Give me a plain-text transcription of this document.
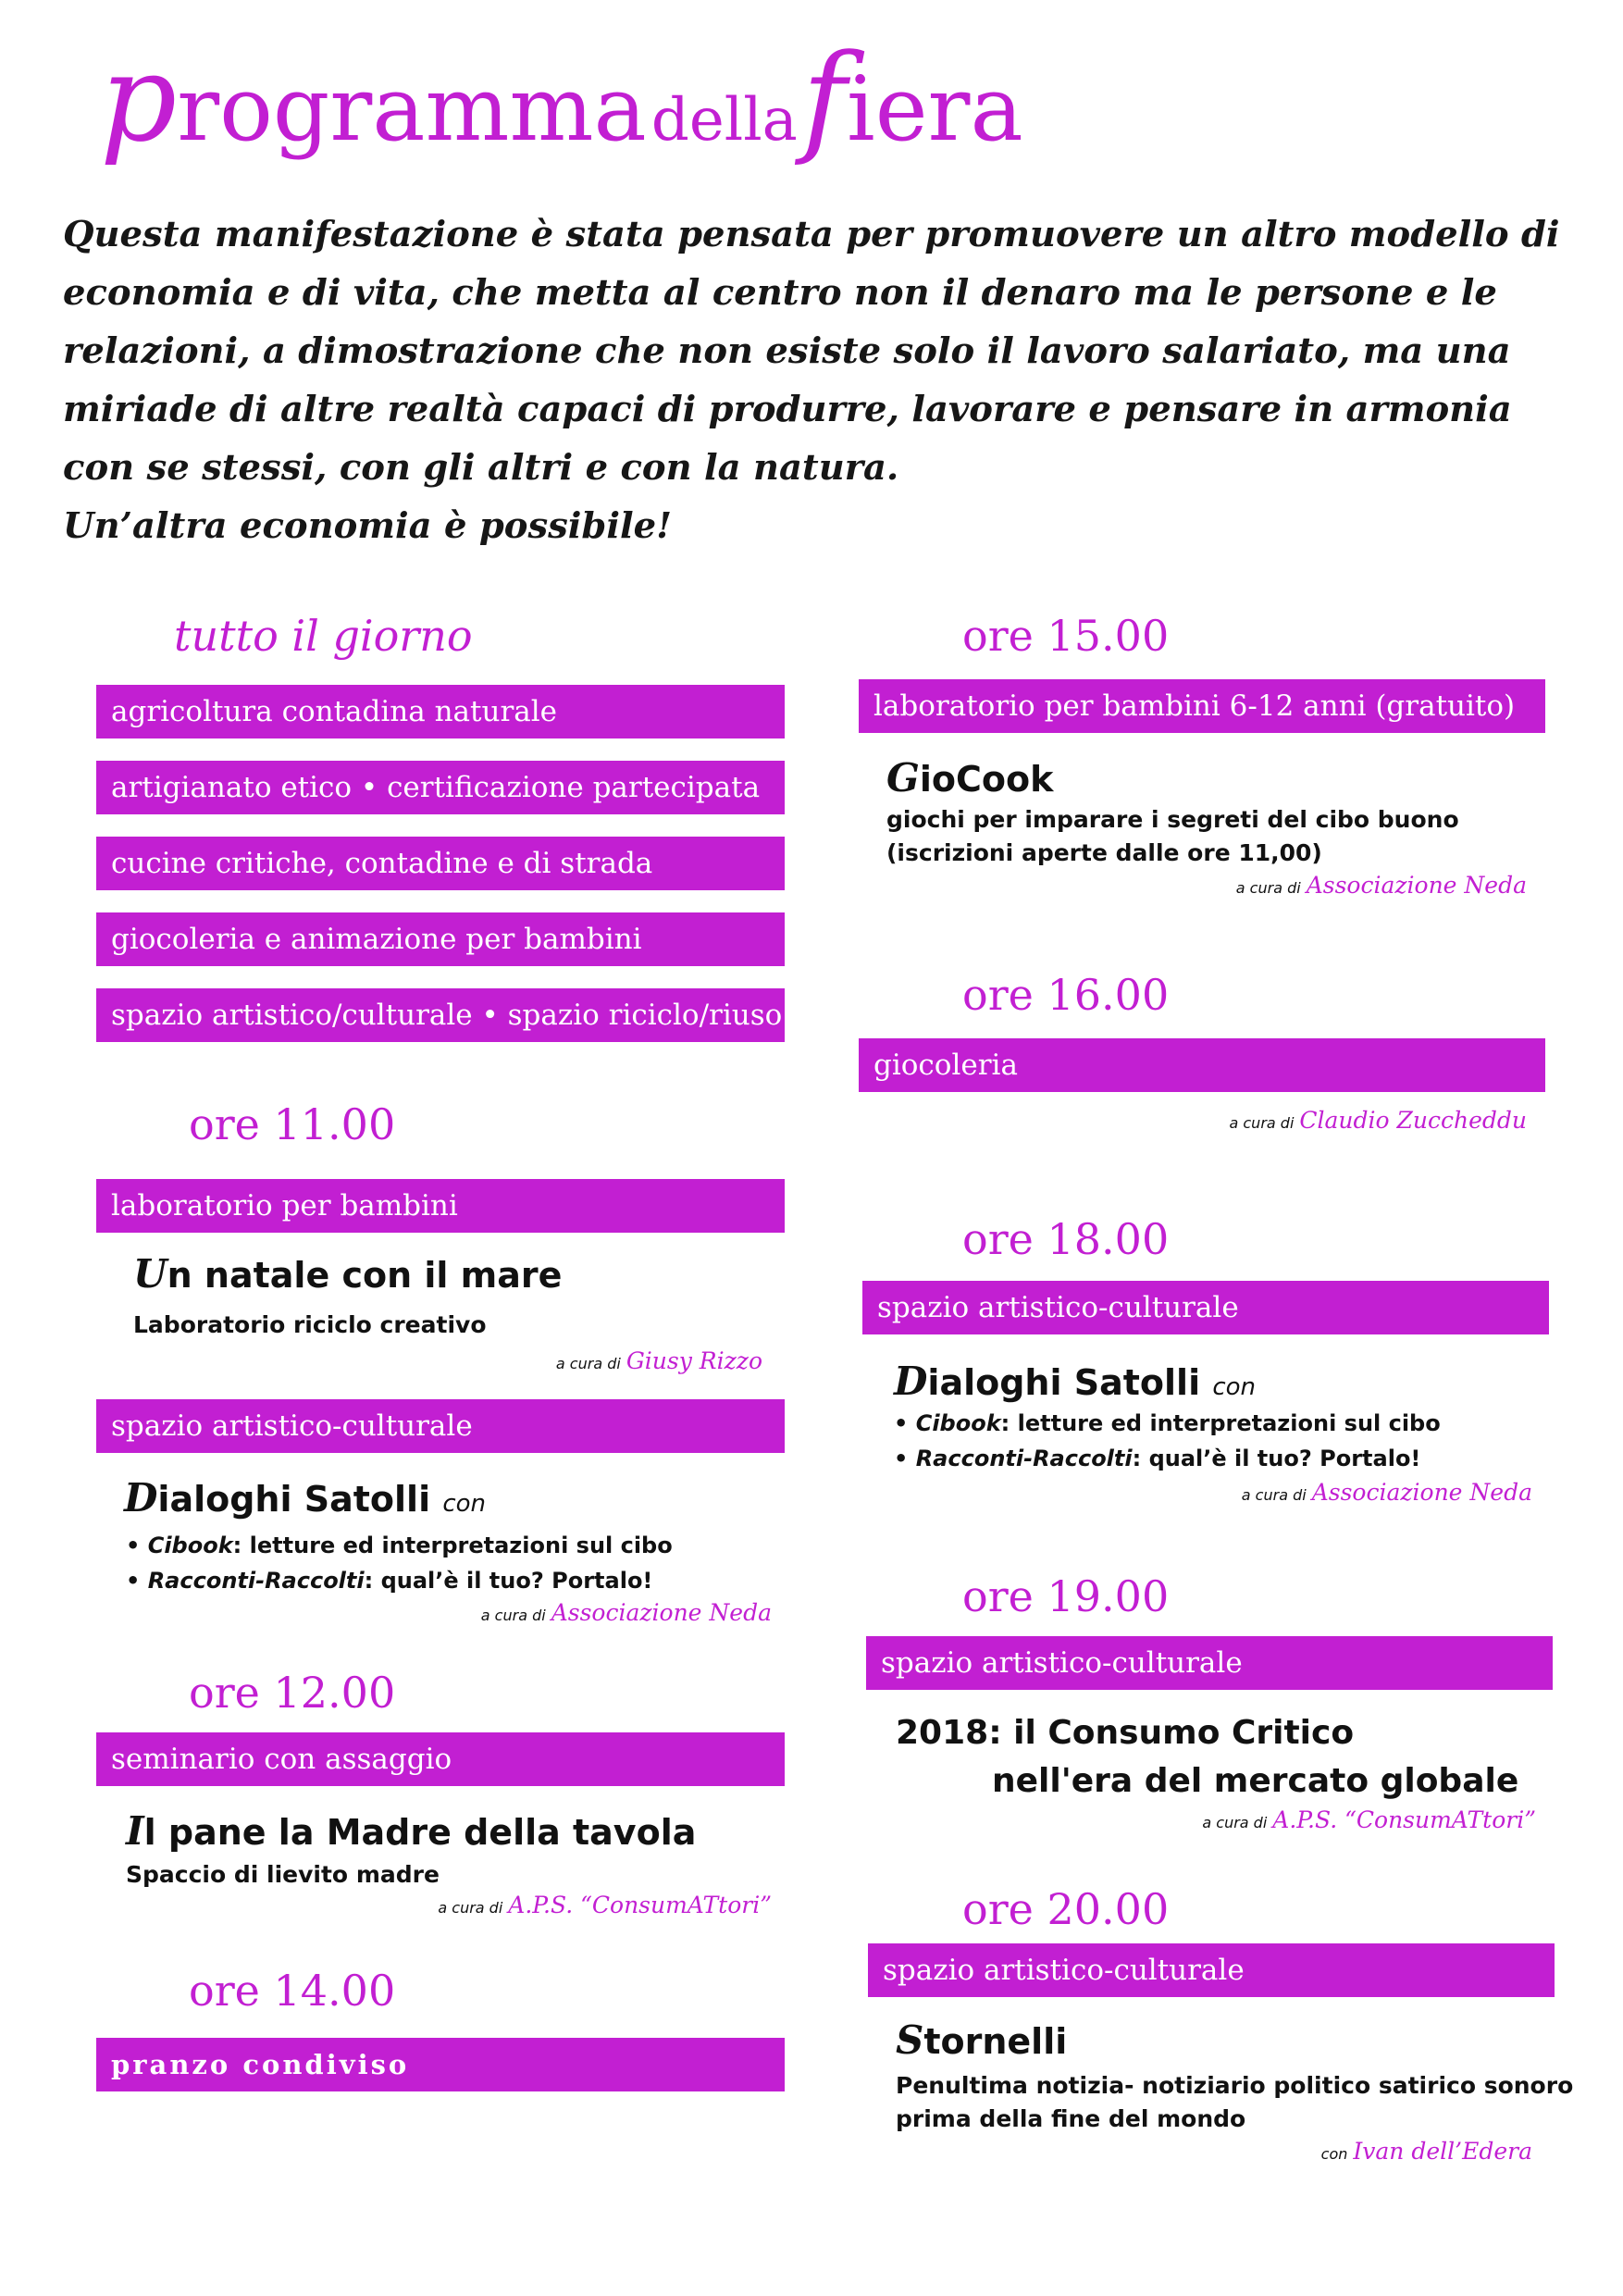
programma della fiera

Questa manifestazione è stata pensata per promuovere un altro modello di economia e di vita, che metta al centro non il denaro ma le persone e le relazioni, a dimostrazione che non esiste solo il lavoro salariato, ma una miriade di altre realtà capaci di produrre, lavorare e pensare in armonia con se stessi, con gli altri e con la natura.

Un’altra economia è possibile!

tutto il giorno
agricoltura contadina naturale
artigianato etico • certificazione partecipata
cucine critiche, contadine e di strada
giocoleria e animazione per bambini
spazio artistico/culturale • spazio riciclo/riuso
ore 11.00
laboratorio per bambini
Un natale con il mare
Laboratorio riciclo creativo
a cura di Giusy Rizzo
spazio artistico-culturale
Dialoghi Satolli con
• Cibook: letture ed interpretazioni sul cibo
• Racconti-Raccolti: qual’è il tuo? Portalo!
a cura di Associazione Neda
ore 12.00
seminario con assaggio
Il pane la Madre della tavola
Spaccio di lievito madre
a cura di A.P.S. “ConsumATtori”
ore 14.00
pranzo condiviso
ore 15.00
laboratorio per bambini 6-12 anni (gratuito)
GioCook
giochi per imparare i segreti del cibo buono
(iscrizioni aperte dalle ore 11,00)
a cura di Associazione Neda
ore 16.00
giocoleria
a cura di Claudio Zuccheddu
ore 18.00
spazio artistico-culturale
Dialoghi Satolli con
• Cibook: letture ed interpretazioni sul cibo
• Racconti-Raccolti: qual’è il tuo? Portalo!
a cura di Associazione Neda
ore 19.00
spazio artistico-culturale
2018: il Consumo Critico
nell'era del mercato globale
a cura di A.P.S. “ConsumATtori”
ore 20.00
spazio artistico-culturale
Stornelli
Penultima notizia- notiziario politico satirico sonoro
prima della fine del mondo
con Ivan dell’Edera
